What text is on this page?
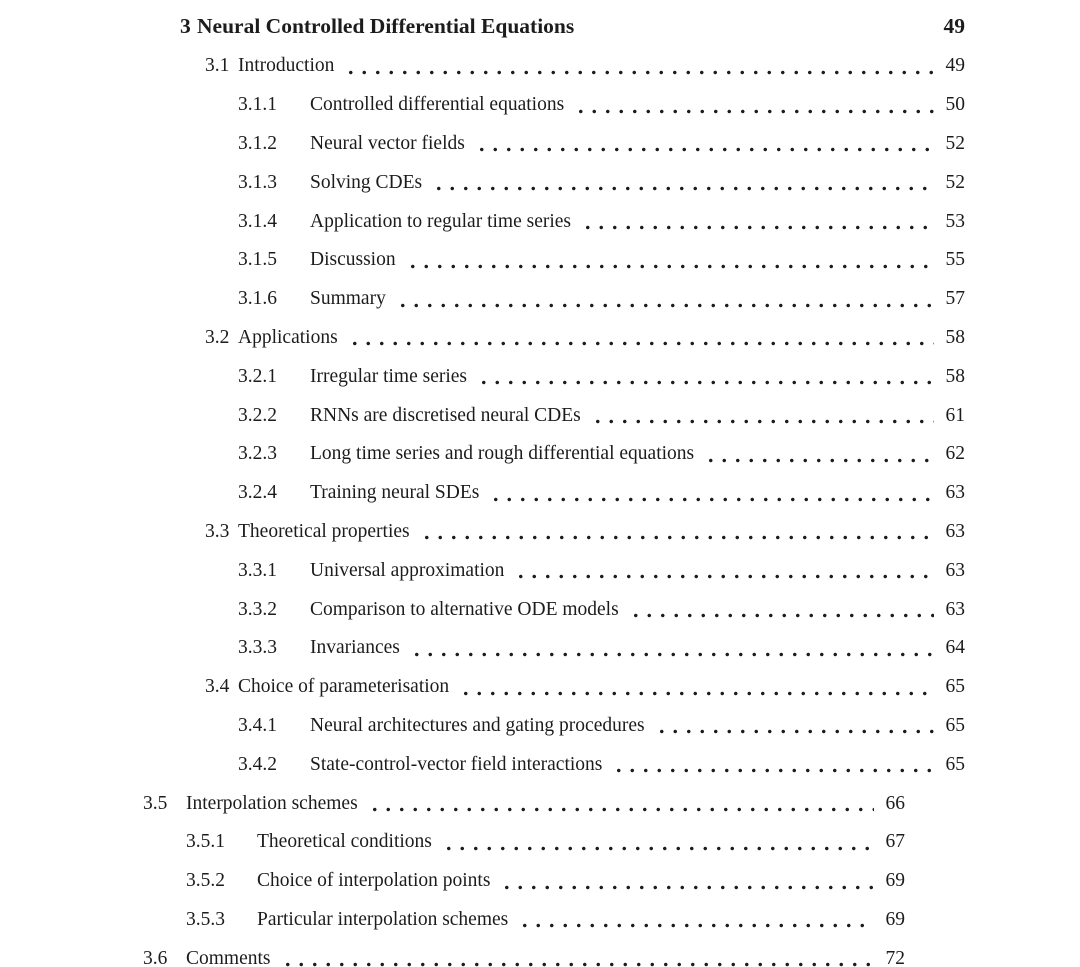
3 Neural Controlled Differential Equations	49
3.1 Introduction	49
3.1.1	Controlled differential equations	50
3.1.2	Neural vector fields	52
3.1.3	Solving CDEs	52
3.1.4	Application to regular time series	53
3.1.5	Discussion	55
3.1.6	Summary	57
3.2 Applications	58
3.2.1	Irregular time series	58
3.2.2	RNNs are discretised neural CDEs	61
3.2.3	Long time series and rough differential equations	62
3.2.4	Training neural SDEs	63
3.3 Theoretical properties	63
3.3.1	Universal approximation	63
3.3.2	Comparison to alternative ODE models	63
3.3.3	Invariances	64
3.4 Choice of parameterisation	65
3.4.1	Neural architectures and gating procedures	65
3.4.2	State-control-vector field interactions	65
3.5 Interpolation schemes	66
3.5.1	Theoretical conditions	67
3.5.2	Choice of interpolation points	69
3.5.3	Particular interpolation schemes	69
3.6 Comments	72
